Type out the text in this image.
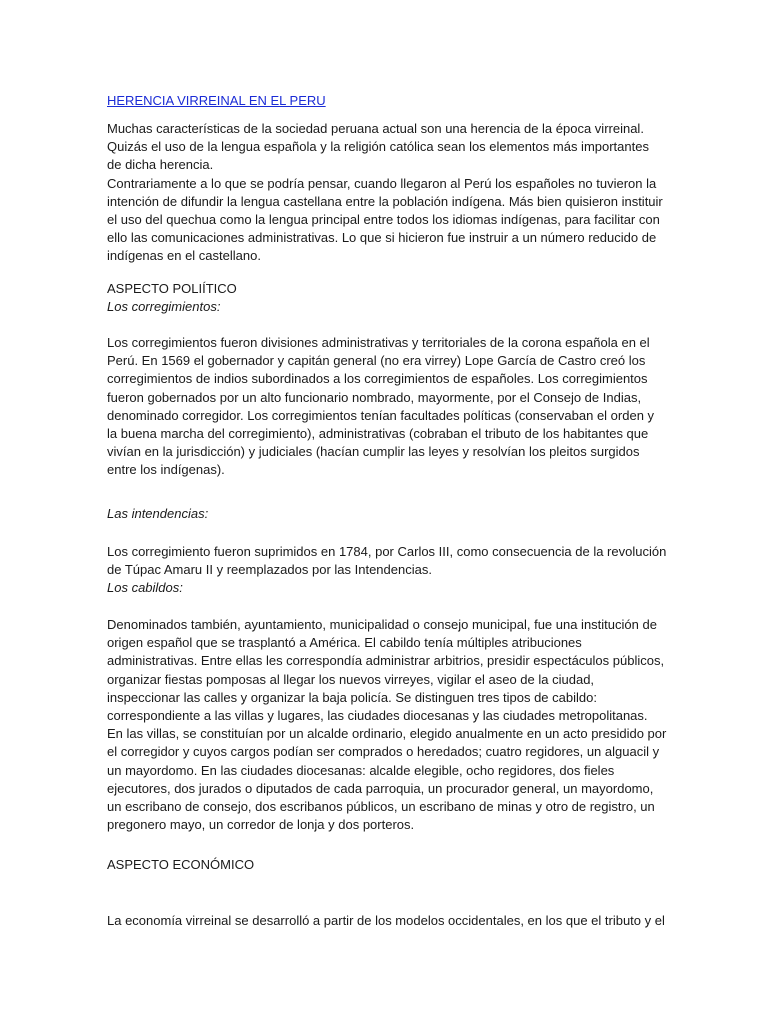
HERENCIA VIRREINAL EN EL PERU

Muchas características de la sociedad peruana actual son una herencia de la época virreinal. Quizás el uso de la lengua española y la religión católica sean los elementos más importantes de dicha herencia.

Contrariamente a lo que se podría pensar, cuando llegaron al Perú los españoles no tuvieron la intención de difundir la lengua castellana entre la población indígena. Más bien quisieron instituir el uso del quechua como la lengua principal entre todos los idiomas indígenas, para facilitar con ello las comunicaciones administrativas. Lo que si hicieron fue instruir a un número reducido de indígenas en el castellano.

ASPECTO POLIÍTICO

Los corregimientos:

Los corregimientos fueron divisiones administrativas y territoriales de la corona española en el Perú. En 1569 el gobernador y capitán general (no era virrey) Lope García de Castro creó los corregimientos de indios subordinados a los corregimientos de españoles. Los corregimientos fueron gobernados por un alto funcionario nombrado, mayormente, por el Consejo de Indias, denominado corregidor. Los corregimientos tenían facultades políticas (conservaban el orden y la buena marcha del corregimiento), administrativas (cobraban el tributo de los habitantes que vivían en la jurisdicción) y judiciales (hacían cumplir las leyes y resolvían los pleitos surgidos entre los indígenas).

Las intendencias:

Los corregimiento fueron suprimidos en 1784, por Carlos III, como consecuencia de la revolución de Túpac Amaru II y reemplazados por las Intendencias.

Los cabildos:

Denominados también, ayuntamiento, municipalidad o consejo municipal, fue una institución de origen español que se trasplantó a América. El cabildo tenía múltiples atribuciones administrativas. Entre ellas les correspondía administrar arbitrios, presidir espectáculos públicos, organizar fiestas pomposas al llegar los nuevos virreyes, vigilar el aseo de la ciudad, inspeccionar las calles y organizar la baja policía. Se distinguen tres tipos de cabildo: correspondiente a las villas y lugares, las ciudades diocesanas y las ciudades metropolitanas.

En las villas, se constituían por un alcalde ordinario, elegido anualmente en un acto presidido por el corregidor y cuyos cargos podían ser comprados o heredados; cuatro regidores, un alguacil y un mayordomo. En las ciudades diocesanas: alcalde elegible, ocho regidores, dos fieles ejecutores, dos jurados o diputados de cada parroquia, un procurador general, un mayordomo, un escribano de consejo, dos escribanos públicos, un escribano de minas y otro de registro, un pregonero mayo, un corredor de lonja y dos porteros.

ASPECTO ECONÓMICO

La economía virreinal se desarrolló a partir de los modelos occidentales, en los que el tributo y el
